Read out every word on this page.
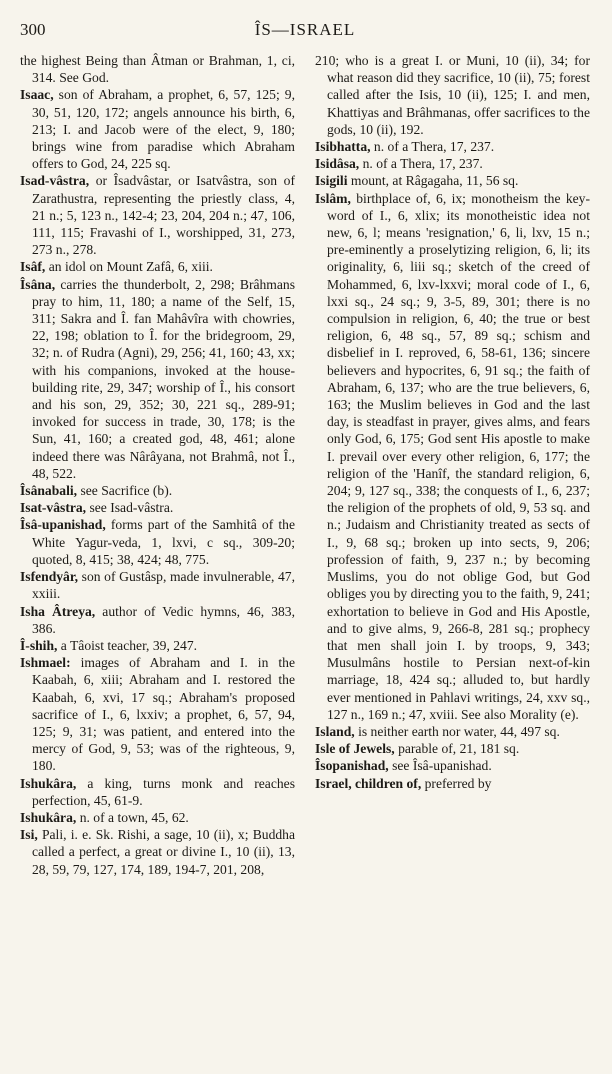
300	ÎS—ISRAEL
the highest Being than Âtman or Brahman, 1, ci, 314. See God.
Isaac, son of Abraham, a prophet, 6, 57, 125; 9, 30, 51, 120, 172; angels announce his birth, 6, 213; I. and Jacob were of the elect, 9, 180; brings wine from paradise which Abraham offers to God, 24, 225 sq.
Isad-vâstra, or Îsadvâstar, or Isatvâstra, son of Zarathustra, representing the priestly class, 4, 21 n.; 5, 123 n., 142-4; 23, 204, 204 n.; 47, 106, 111, 115; Fravashi of I., worshipped, 31, 273, 273 n., 278.
Isâf, an idol on Mount Zafâ, 6, xiii.
Îsâna, carries the thunderbolt, 2, 298; Brâhmans pray to him, 11, 180; a name of the Self, 15, 311; Sakra and Î. fan Mahâvîra with chowries, 22, 198; oblation to Î. for the bridegroom, 29, 32; n. of Rudra (Agni), 29, 256; 41, 160; 43, xx; with his companions, invoked at the house-building rite, 29, 347; worship of Î., his consort and his son, 29, 352; 30, 221 sq., 289-91; invoked for success in trade, 30, 178; is the Sun, 41, 160; a created god, 48, 461; alone indeed there was Nârâyana, not Brahmâ, not Î., 48, 522.
Îsânabali, see Sacrifice (b).
Isat-vâstra, see Isad-vâstra.
Îsâ-upanishad, forms part of the Samhitâ of the White Yagur-veda, 1, lxvi, c sq., 309-20; quoted, 8, 415; 38, 424; 48, 775.
Isfendyâr, son of Gustâsp, made invulnerable, 47, xxiii.
Isha Âtreya, author of Vedic hymns, 46, 383, 386.
Î-shih, a Tâoist teacher, 39, 247.
Ishmael: images of Abraham and I. in the Kaabah, 6, xiii; Abraham and I. restored the Kaabah, 6, xvi, 17 sq.; Abraham's proposed sacrifice of I., 6, lxxiv; a prophet, 6, 57, 94, 125; 9, 31; was patient, and entered into the mercy of God, 9, 53; was of the righteous, 9, 180.
Ishukâra, a king, turns monk and reaches perfection, 45, 61-9.
Ishukâra, n. of a town, 45, 62.
Isi, Pali, i. e. Sk. Rishi, a sage, 10 (ii), x; Buddha called a perfect, a great or divine I., 10 (ii), 13, 28, 59, 79, 127, 174, 189, 194-7, 201, 208,
210; who is a great I. or Muni, 10 (ii), 34; for what reason did they sacrifice, 10 (ii), 75; forest called after the Isis, 10 (ii), 125; I. and men, Khattiyas and Brâhmanas, offer sacrifices to the gods, 10 (ii), 192.
Isibhatta, n. of a Thera, 17, 237.
Isidâsa, n. of a Thera, 17, 237.
Isigili mount, at Râgagaha, 11, 56 sq.
Islâm, birthplace of, 6, ix; monotheism the key-word of I., 6, xlix; its monotheistic idea not new, 6, l; means 'resignation,' 6, li, lxv, 15 n.; pre-eminently a proselytizing religion, 6, li; its originality, 6, liii sq.; sketch of the creed of Mohammed, 6, lxv-lxxvi; moral code of I., 6, lxxi sq., 24 sq.; 9, 3-5, 89, 301; there is no compulsion in religion, 6, 40; the true or best religion, 6, 48 sq., 57, 89 sq.; schism and disbelief in I. reproved, 6, 58-61, 136; sincere believers and hypocrites, 6, 91 sq.; the faith of Abraham, 6, 137; who are the true believers, 6, 163; the Muslim believes in God and the last day, is steadfast in prayer, gives alms, and fears only God, 6, 175; God sent His apostle to make I. prevail over every other religion, 6, 177; the religion of the 'Hanîf, the standard religion, 6, 204; 9, 127 sq., 338; the conquests of I., 6, 237; the religion of the prophets of old, 9, 53 sq. and n.; Judaism and Christianity treated as sects of I., 9, 68 sq.; broken up into sects, 9, 206; profession of faith, 9, 237 n.; by becoming Muslims, you do not oblige God, but God obliges you by directing you to the faith, 9, 241; exhortation to believe in God and His Apostle, and to give alms, 9, 266-8, 281 sq.; prophecy that men shall join I. by troops, 9, 343; Musulmâns hostile to Persian next-of-kin marriage, 18, 424 sq.; alluded to, but hardly ever mentioned in Pahlavi writings, 24, xxv sq., 127 n., 169 n.; 47, xviii. See also Morality (e).
Island, is neither earth nor water, 44, 497 sq.
Isle of Jewels, parable of, 21, 181 sq.
Îsopanishad, see Îsâ-upanishad.
Israel, children of, preferred by
